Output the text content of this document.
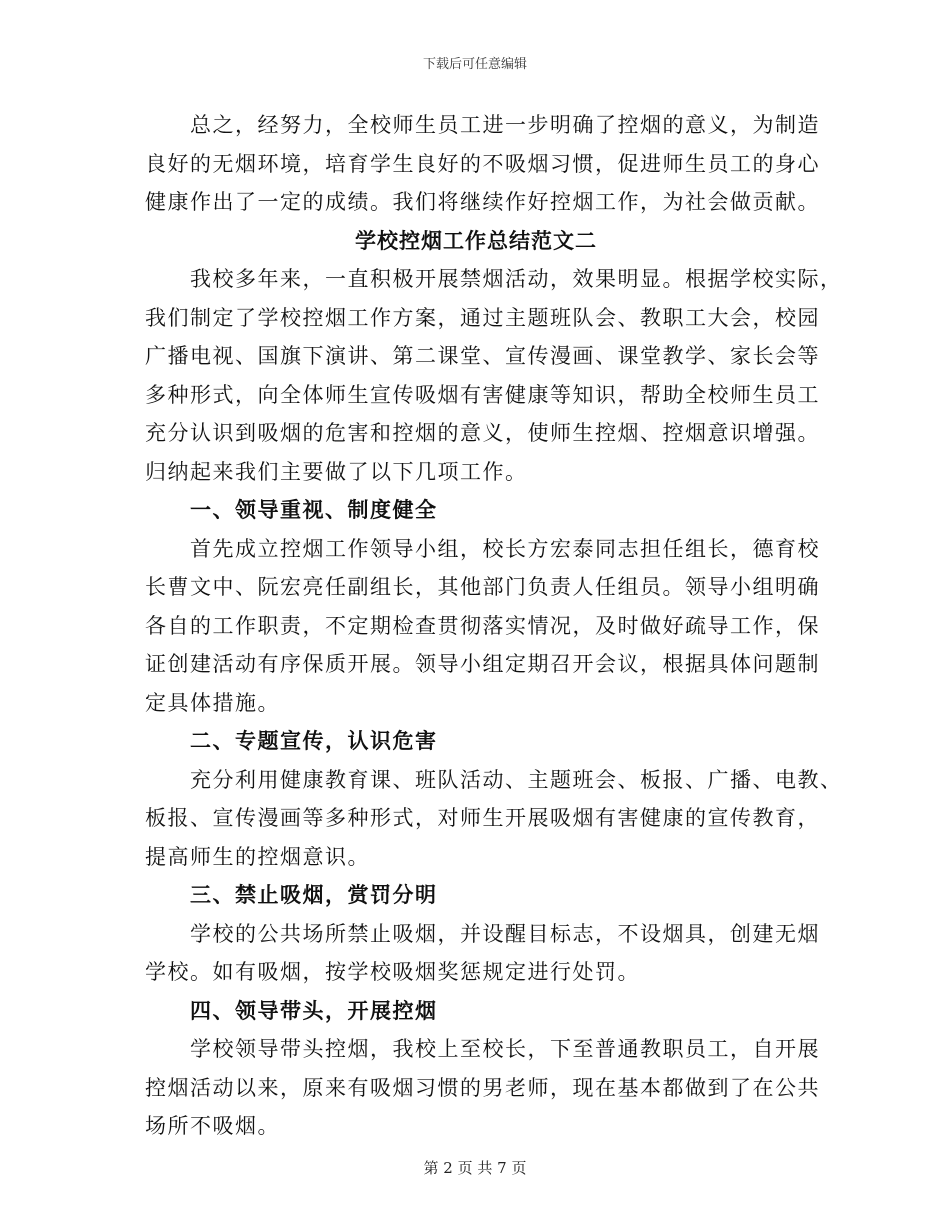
下载后可任意编辑
总之，经努力，全校师生员工进一步明确了控烟的意义，为制造
良好的无烟环境，培育学生良好的不吸烟习惯，促进师生员工的身心
健康作出了一定的成绩。我们将继续作好控烟工作，为社会做贡献。
学校控烟工作总结范文二
我校多年来，一直积极开展禁烟活动，效果明显。根据学校实际，
我们制定了学校控烟工作方案，通过主题班队会、教职工大会，校园
广播电视、国旗下演讲、第二课堂、宣传漫画、课堂教学、家长会等
多种形式，向全体师生宣传吸烟有害健康等知识，帮助全校师生员工
充分认识到吸烟的危害和控烟的意义，使师生控烟、控烟意识增强。
归纳起来我们主要做了以下几项工作。
一、领导重视、制度健全
首先成立控烟工作领导小组，校长方宏泰同志担任组长，德育校
长曹文中、阮宏亮任副组长，其他部门负责人任组员。领导小组明确
各自的工作职责，不定期检查贯彻落实情况，及时做好疏导工作，保
证创建活动有序保质开展。领导小组定期召开会议，根据具体问题制
定具体措施。
二、专题宣传，认识危害
充分利用健康教育课、班队活动、主题班会、板报、广播、电教、
板报、宣传漫画等多种形式，对师生开展吸烟有害健康的宣传教育，
提高师生的控烟意识。
三、禁止吸烟，赏罚分明
学校的公共场所禁止吸烟，并设醒目标志，不设烟具，创建无烟
学校。如有吸烟，按学校吸烟奖惩规定进行处罚。
四、领导带头，开展控烟
学校领导带头控烟，我校上至校长，下至普通教职员工，自开展
控烟活动以来，原来有吸烟习惯的男老师，现在基本都做到了在公共
场所不吸烟。
第 2 页 共 7 页
